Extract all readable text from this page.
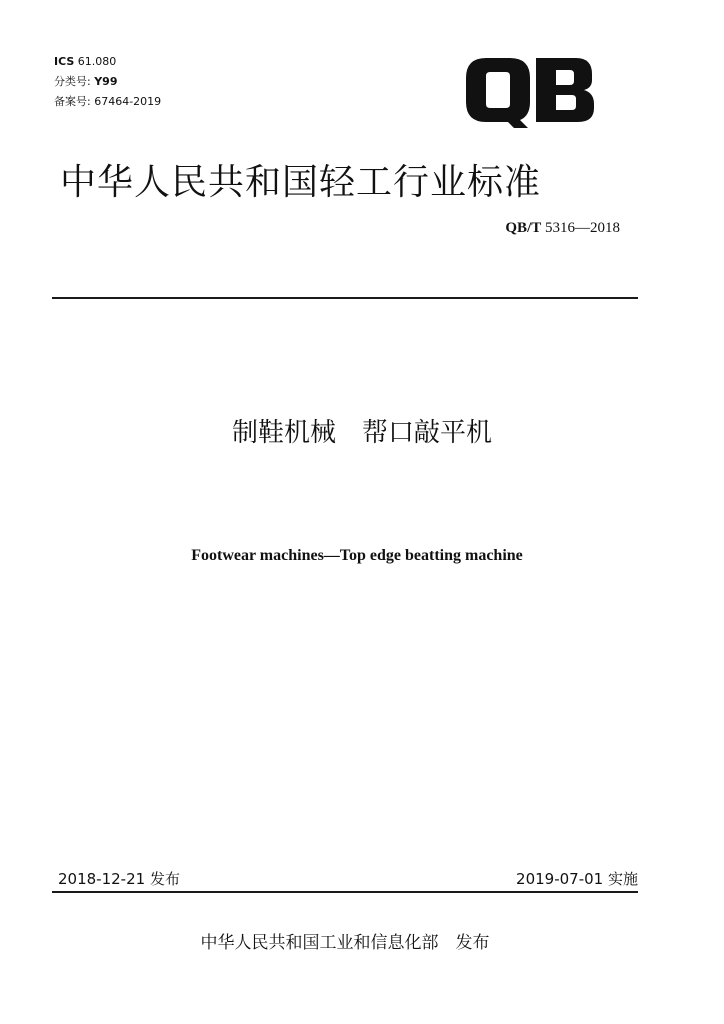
ICS 61.080
分类号: Y99
备案号: 67464-2019
中华人民共和国轻工行业标准
QB/T 5316—2018
制鞋机械　帮口敲平机
Footwear machines—Top edge beatting machine
2018-12-21 发布	2019-07-01 实施
中华人民共和国工业和信息化部　发布
